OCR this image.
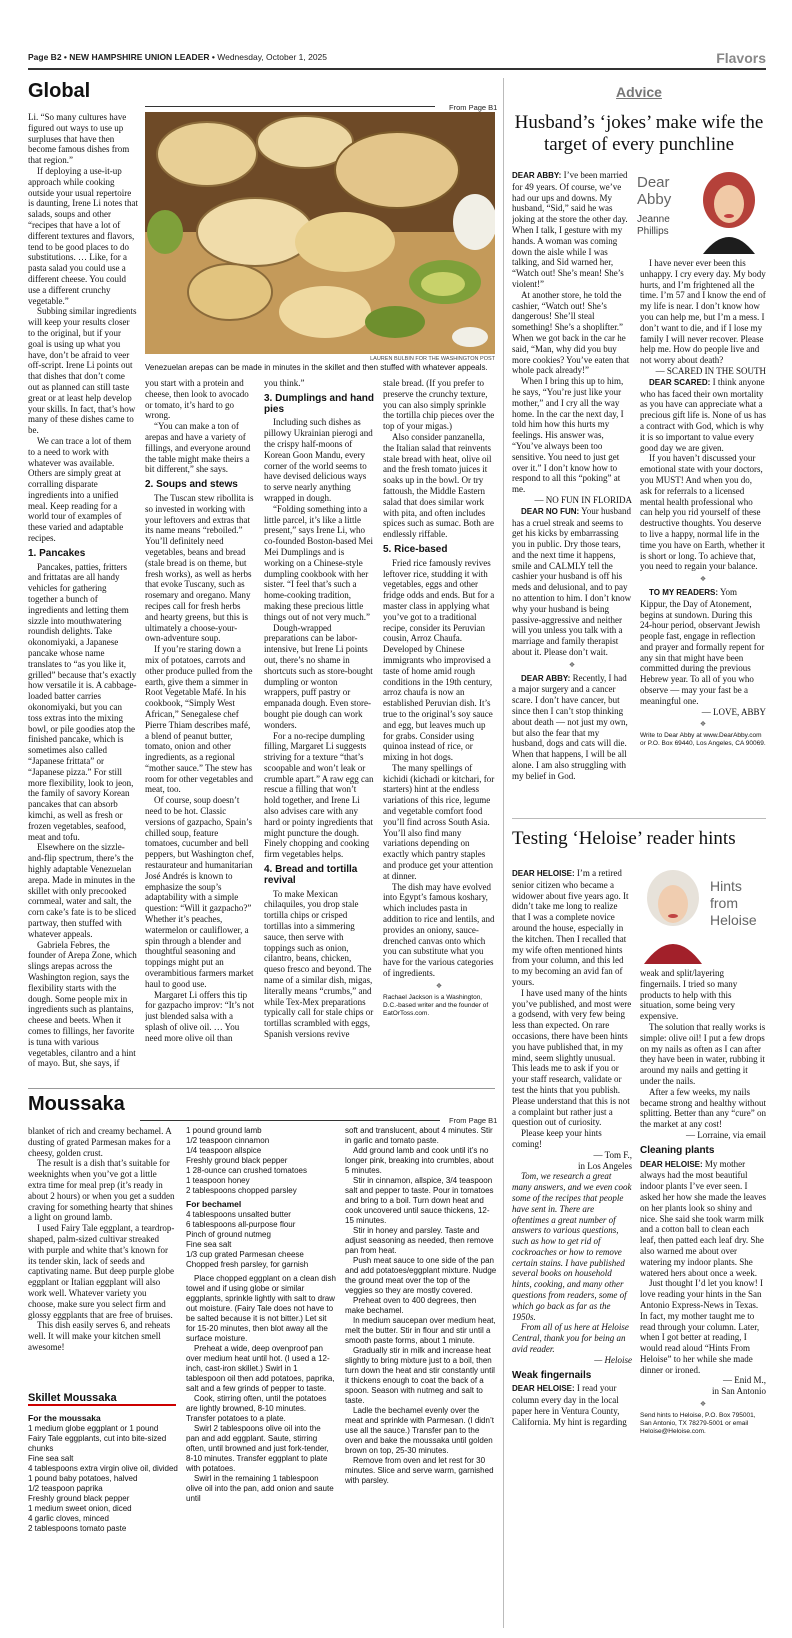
Page B2 • NEW HAMPSHIRE UNION LEADER • Wednesday, October 1, 2025	Flavors
Global
From Page B1
LAUREN BULBIN FOR THE WASHINGTON POST
Venezuelan arepas can be made in minutes in the skillet and then stuffed with whatever appeals.

Li. “So many cultures have figured out ways to use up surpluses that have then become famous dishes from that region.”

If deploying a use-it-up approach while cooking outside your usual repertoire is daunting, Irene Li notes that salads, soups and other “recipes that have a lot of different textures and flavors, tend to be good places to do substitutions. … Like, for a pasta salad you could use a different cheese. You could use a different crunchy vegetable.”

Subbing similar ingredients will keep your results closer to the original, but if your goal is using up what you have, don’t be afraid to veer off-script. Irene Li points out that dishes that don’t come out as planned can still taste great or at least help develop your skills. In fact, that’s how many of these dishes came to be.

We can trace a lot of them to a need to work with whatever was available. Others are simply great at corralling disparate ingredients into a unified meal. Keep reading for a world tour of examples of these varied and adaptable recipes.

1. Pancakes

Pancakes, patties, fritters and frittatas are all handy vehicles for gathering together a bunch of ingredients and letting them sizzle into mouthwatering roundish delights. Take okonomiyaki, a Japanese pancake whose name translates to “as you like it, grilled” because that’s exactly how versatile it is. A cabbage-loaded batter carries okonomiyaki, but you can toss extras into the mixing bowl, or pile goodies atop the finished pancake, which is sometimes also called “Japanese frittata” or “Japanese pizza.” For still more flexibility, look to jeon, the family of savory Korean pancakes that can absorb kimchi, as well as fresh or frozen vegetables, seafood, meat and tofu.

Elsewhere on the sizzle-and-flip spectrum, there’s the highly adaptable Venezuelan arepa. Made in minutes in the skillet with only precooked cornmeal, water and salt, the corn cake’s fate is to be sliced partway, then stuffed with whatever appeals.

Gabriela Febres, the founder of Arepa Zone, which slings arepas across the Washington region, says the flexibility starts with the dough. Some people mix in ingredients such as plantains, cheese and beets. When it comes to fillings, her favorite is tuna with various vegetables, cilantro and a hint of mayo. But, she says, if

you start with a protein and cheese, then look to avocado or tomato, it’s hard to go wrong.

“You can make a ton of arepas and have a variety of fillings, and everyone around the table might make theirs a bit different,” she says.

2. Soups and stews

The Tuscan stew ribollita is so invested in working with your leftovers and extras that its name means “reboiled.” You’ll definitely need vegetables, beans and bread (stale bread is on theme, but fresh works), as well as herbs that evoke Tuscany, such as rosemary and oregano. Many recipes call for fresh herbs and hearty greens, but this is ultimately a choose-your-own-adventure soup.

If you’re staring down a mix of potatoes, carrots and other produce pulled from the earth, give them a simmer in Root Vegetable Mafé. In his cookbook, “Simply West African,” Senegalese chef Pierre Thiam describes mafé, a blend of peanut butter, tomato, onion and other ingredients, as a regional “mother sauce.” The stew has room for other vegetables and meat, too.

Of course, soup doesn’t need to be hot. Classic versions of gazpacho, Spain’s chilled soup, feature tomatoes, cucumber and bell peppers, but Washington chef, restaurateur and humanitarian José Andrés is known to emphasize the soup’s adaptability with a simple question: “Will it gazpacho?” Whether it’s peaches, watermelon or cauliflower, a spin through a blender and thoughtful seasoning and toppings might put an overambitious farmers market haul to good use.

Margaret Li offers this tip for gazpacho improv: “It’s not just blended salsa with a splash of olive oil. … You need more olive oil than

you think.”

3. Dumplings and hand pies

Including such dishes as pillowy Ukrainian pierogi and the crispy half-moons of Korean Goon Mandu, every corner of the world seems to have devised delicious ways to serve nearly anything wrapped in dough.

“Folding something into a little parcel, it’s like a little present,” says Irene Li, who co-founded Boston-based Mei Mei Dumplings and is working on a Chinese-style dumpling cookbook with her sister. “I feel that’s such a home-cooking tradition, making these precious little things out of not very much.”

Dough-wrapped preparations can be labor-intensive, but Irene Li points out, there’s no shame in shortcuts such as store-bought dumpling or wonton wrappers, puff pastry or empanada dough. Even store-bought pie dough can work wonders.

For a no-recipe dumpling filling, Margaret Li suggests striving for a texture “that’s scoopable and won’t leak or crumble apart.” A raw egg can rescue a filling that won’t hold together, and Irene Li also advises care with any hard or pointy ingredients that might puncture the dough. Finely chopping and cooking firm vegetables helps.

4. Bread and tortilla revival

To make Mexican chilaquiles, you drop stale tortilla chips or crisped tortillas into a simmering sauce, then serve with toppings such as onion, cilantro, beans, chicken, queso fresco and beyond. The name of a similar dish, migas, literally means “crumbs,” and while Tex-Mex preparations typically call for stale chips or tortillas scrambled with eggs, Spanish versions revive

stale bread. (If you prefer to preserve the crunchy texture, you can also simply sprinkle the tortilla chip pieces over the top of your migas.)

Also consider panzanella, the Italian salad that reinvents stale bread with heat, olive oil and the fresh tomato juices it soaks up in the bowl. Or try fattoush, the Middle Eastern salad that does similar work with pita, and often includes spices such as sumac. Both are endlessly riffable.

5. Rice-based

Fried rice famously revives leftover rice, studding it with vegetables, eggs and other fridge odds and ends. But for a master class in applying what you’ve got to a traditional recipe, consider its Peruvian cousin, Arroz Chaufa. Developed by Chinese immigrants who improvised a taste of home amid rough conditions in the 19th century, arroz chaufa is now an established Peruvian dish. It’s true to the original’s soy sauce and egg, but leaves much up for grabs. Consider using quinoa instead of rice, or mixing in hot dogs.

The many spellings of kichidi (kichadi or kitchari, for starters) hint at the endless variations of this rice, legume and vegetable comfort food you’ll find across South Asia. You’ll also find many variations depending on exactly which pantry staples and produce get your attention at dinner.

The dish may have evolved into Egypt’s famous koshary, which includes pasta in addition to rice and lentils, and provides an oniony, sauce-drenched canvas onto which you can substitute what you have for the various categories of ingredients.

❖

Rachael Jackson is a Washington, D.C.-based writer and the founder of EatOrToss.com.

Advice
Husband’s ‘jokes’ make wife the target of every punchline
Dear
Abby
Jeanne
Phillips

DEAR ABBY: I’ve been married for 49 years. Of course, we’ve had our ups and downs. My husband, “Sid,” said he was joking at the store the other day. When I talk, I gesture with my hands. A woman was coming down the aisle while I was talking, and Sid warned her, “Watch out! She’s mean! She’s violent!”

At another store, he told the cashier, “Watch out! She’s dangerous! She’ll steal something! She’s a shoplifter.” When we got back in the car he said, “Man, why did you buy more cookies? You’ve eaten that whole pack already!”

When I bring this up to him, he says, “You’re just like your mother,” and I cry all the way home. In the car the next day, I told him how this hurts my feelings. His answer was, “You’ve always been too sensitive. You need to just get over it.” I don’t know how to respond to all this “poking” at me.

— NO FUN IN FLORIDA

DEAR NO FUN: Your husband has a cruel streak and seems to get his kicks by embarrassing you in public. Dry those tears, and the next time it happens, smile and CALMLY tell the cashier your husband is off his meds and delusional, and to pay no attention to him. I don’t know why your husband is being passive-aggressive and neither will you unless you talk with a marriage and family therapist about it. Please don’t wait.

❖

DEAR ABBY: Recently, I had a major surgery and a cancer scare. I don’t have cancer, but since then I can’t stop thinking about death — not just my own, but also the fear that my husband, dogs and cats will die. When that happens, I will be all alone. I am also struggling with my belief in God.

I have never ever been this unhappy. I cry every day. My body hurts, and I’m frightened all the time. I’m 57 and I know the end of my life is near. I don’t know how you can help me, but I’m a mess. I don’t want to die, and if I lose my family I will never recover. Please help me. How do people live and not worry about death?

— SCARED IN THE SOUTH

DEAR SCARED: I think anyone who has faced their own mortality as you have can appreciate what a precious gift life is. None of us has a contract with God, which is why it is so important to value every good day we are given.

If you haven’t discussed your emotional state with your doctors, you MUST! And when you do, ask for referrals to a licensed mental health professional who can help you rid yourself of these destructive thoughts. You deserve to live a happy, normal life in the time you have on Earth, whether it is short or long. To achieve that, you need to regain your balance.

❖

TO MY READERS: Yom Kippur, the Day of Atonement, begins at sundown. During this 24-hour period, observant Jewish people fast, engage in reflection and prayer and formally repent for any sin that might have been committed during the previous Hebrew year. To all of you who observe — may your fast be a meaningful one.

— LOVE, ABBY

❖

Write to Dear Abby at www.DearAbby.com or P.O. Box 69440, Los Angeles, CA 90069.

Testing ‘Heloise’ reader hints
Hints
from
Heloise

DEAR HELOISE: I’m a retired senior citizen who became a widower about five years ago. It didn’t take me long to realize that I was a complete novice around the house, especially in the kitchen. Then I recalled that my wife often mentioned hints from your column, and this led to my becoming an avid fan of yours.

I have used many of the hints you’ve published, and most were a godsend, with very few being less than expected. On rare occasions, there have been hints you have published that, in my mind, seem slightly unusual. This leads me to ask if you or your staff research, validate or test the hints that you publish. Please understand that this is not a complaint but rather just a question out of curiosity.

Please keep your hints coming!

— Tom F.,

in Los Angeles

Tom, we research a great many answers, and we even cook some of the recipes that people have sent in. There are oftentimes a great number of answers to various questions, such as how to get rid of cockroaches or how to remove certain stains. I have published several books on household hints, cooking, and many other questions from readers, some of which go back as far as the 1950s.

From all of us here at Heloise Central, thank you for being an avid reader.

— Heloise

Weak fingernails

DEAR HELOISE: I read your column every day in the local paper here in Ventura County, California. My hint is regarding

weak and split/layering fingernails. I tried so many products to help with this situation, some being very expensive.

The solution that really works is simple: olive oil! I put a few drops on my nails as often as I can after they have been in water, rubbing it around my nails and getting it under the nails.

After a few weeks, my nails became strong and healthy without splitting. Better than any “cure” on the market at any cost!

— Lorraine, via email

Cleaning plants

DEAR HELOISE: My mother always had the most beautiful indoor plants I’ve ever seen. I asked her how she made the leaves on her plants look so shiny and nice. She said she took warm milk and a cotton ball to clean each leaf, then patted each leaf dry. She also warned me about over watering my indoor plants. She watered hers about once a week.

Just thought I’d let you know! I love reading your hints in the San Antonio Express-News in Texas. In fact, my mother taught me to read through your column. Later, when I got better at reading, I would read aloud “Hints From Heloise” to her while she made dinner or ironed.

— Enid M.,

in San Antonio

❖

Send hints to Heloise, P.O. Box 795001, San Antonio, TX 78279-5001 or email Heloise@Heloise.com.

Moussaka
From Page B1

blanket of rich and creamy bechamel. A dusting of grated Parmesan makes for a cheesy, golden crust.

The result is a dish that’s suitable for weeknights when you’ve got a little extra time for meal prep (it’s ready in about 2 hours) or when you get a sudden craving for something hearty that shines a light on ground lamb.

I used Fairy Tale eggplant, a teardrop-shaped, palm-sized cultivar streaked with purple and white that’s known for its tender skin, lack of seeds and captivating name. But deep purple globe eggplant or Italian eggplant will also work well. Whatever variety you choose, make sure you select firm and glossy eggplants that are free of bruises.

This dish easily serves 6, and reheats well. It will make your kitchen smell awesome!

Skillet Moussaka
For the moussaka

1 medium globe eggplant or 1 pound Fairy Tale eggplants, cut into bite-sized chunks

Fine sea salt

4 tablespoons extra virgin olive oil, divided

1 pound baby potatoes, halved

1/2 teaspoon paprika

Freshly ground black pepper

1 medium sweet onion, diced

4 garlic cloves, minced

2 tablespoons tomato paste

1 pound ground lamb

1/2 teaspoon cinnamon

1/4 teaspoon allspice

Freshly ground black pepper

1 28-ounce can crushed tomatoes

1 teaspoon honey

2 tablespoons chopped parsley

For bechamel

4 tablespoons unsalted butter

6 tablespoons all-purpose flour

Pinch of ground nutmeg

Fine sea salt

1/3 cup grated Parmesan cheese

Chopped fresh parsley, for garnish

Place chopped eggplant on a clean dish towel and if using globe or similar eggplants, sprinkle lightly with salt to draw out moisture. (Fairy Tale does not have to be salted because it is not bitter.) Let sit for 15-20 minutes, then blot away all the surface moisture.

Preheat a wide, deep ovenproof pan over medium heat until hot. (I used a 12-inch, cast-iron skillet.) Swirl in 1 tablespoon oil then add potatoes, paprika, salt and a few grinds of pepper to taste.

Cook, stirring often, until the potatoes are lightly browned, 8-10 minutes. Transfer potatoes to a plate.

Swirl 2 tablespoons olive oil into the pan and add eggplant. Saute, stirring often, until browned and just fork-tender, 8-10 minutes. Transfer eggplant to plate with potatoes.

Swirl in the remaining 1 tablespoon olive oil into the pan, add onion and saute until

soft and translucent, about 4 minutes. Stir in garlic and tomato paste.

Add ground lamb and cook until it’s no longer pink, breaking into crumbles, about 5 minutes.

Stir in cinnamon, allspice, 3/4 teaspoon salt and pepper to taste. Pour in tomatoes and bring to a boil. Turn down heat and cook uncovered until sauce thickens, 12-15 minutes.

Stir in honey and parsley. Taste and adjust seasoning as needed, then remove pan from heat.

Push meat sauce to one side of the pan and add potatoes/eggplant mixture. Nudge the ground meat over the top of the veggies so they are mostly covered.

Preheat oven to 400 degrees, then make bechamel.

In medium saucepan over medium heat, melt the butter. Stir in flour and stir until a smooth paste forms, about 1 minute.

Gradually stir in milk and increase heat slightly to bring mixture just to a boil, then turn down the heat and stir constantly until it thickens enough to coat the back of a spoon. Season with nutmeg and salt to taste.

Ladle the bechamel evenly over the meat and sprinkle with Parmesan. (I didn’t use all the sauce.) Transfer pan to the oven and bake the moussaka until golden brown on top, 25-30 minutes.

Remove from oven and let rest for 30 minutes. Slice and serve warm, garnished with parsley.
